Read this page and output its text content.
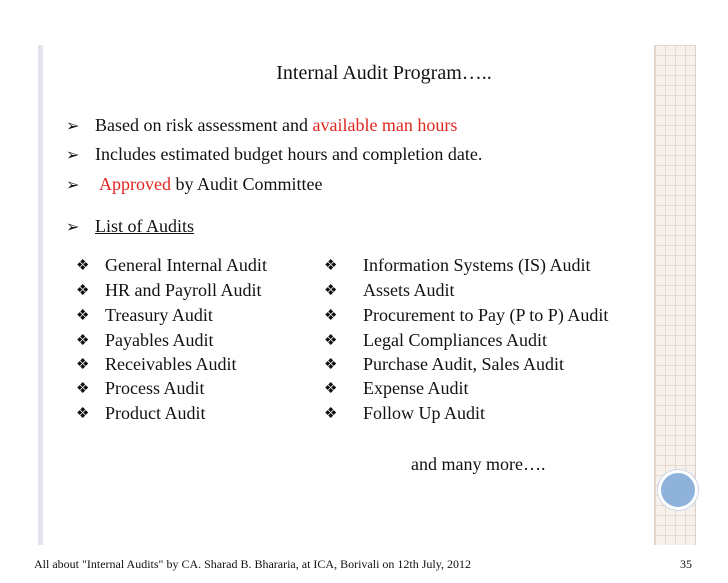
Internal Audit Program…..
➢ Based on risk assessment and available man hours
➢ Includes estimated budget hours and completion date.
➢ Approved by Audit Committee
➢ List of Audits
❖ General Internal Audit
❖ HR and Payroll Audit
❖ Treasury Audit
❖ Payables Audit
❖ Receivables Audit
❖ Process Audit
❖ Product Audit
❖ Information Systems (IS) Audit
❖ Assets Audit
❖ Procurement to Pay (P to P) Audit
❖ Legal Compliances Audit
❖ Purchase Audit, Sales Audit
❖ Expense Audit
❖ Follow Up Audit
and many more….
All about "Internal Audits" by CA. Sharad B. Bhararia, at ICA, Borivali on 12th July, 2012	35
